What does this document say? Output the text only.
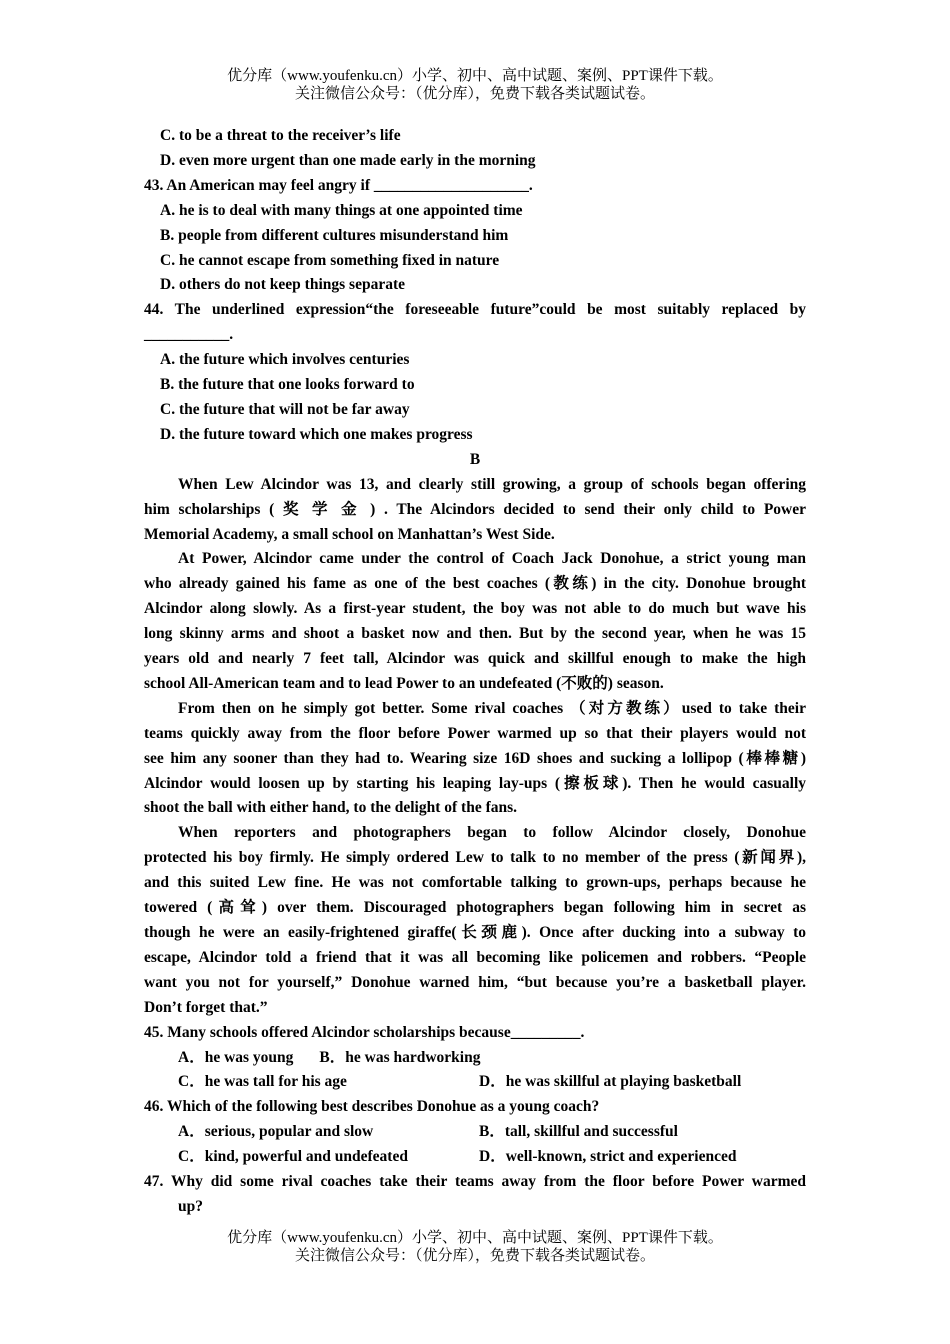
优分库（www.youfenku.cn）小学、初中、高中试题、案例、PPT课件下载。
关注微信公众号：（优分库），免费下载各类试题试卷。
C. to be a threat to the receiver’s life
D. even more urgent than one made early in the morning
43. An American may feel angry if ____________________.
A. he is to deal with many things at one appointed time
B. people from different cultures misunderstand him
C. he cannot escape from something fixed in nature
D. others do not keep things separate
44. The underlined expression“the foreseeable future”could be most suitably replaced by
___________.
A. the future which involves centuries
B. the future that one looks forward to
C. the future that will not be far away
D. the future toward which one makes progress
B
When Lew Alcindor was 13, and clearly still growing, a group of schools began offering
him scholarships ( 奖 学 金 ) . The Alcindors decided to send their only child to Power
Memorial Academy, a small school on Manhattan’s West Side.
At Power, Alcindor came under the control of Coach Jack Donohue, a strict young man
who already gained his fame as one of the best coaches (教练) in the city. Donohue brought
Alcindor along slowly. As a first-year student, the boy was not able to do much but wave his
long skinny arms and shoot a basket now and then. But by the second year, when he was 15
years old and nearly 7 feet tall, Alcindor was quick and skillful enough to make the high
school All-American team and to lead Power to an undefeated (不败的) season.
From then on he simply got better. Some rival coaches （对方教练）used to take their
teams quickly away from the floor before Power warmed up so that their players would not
see him any sooner than they had to. Wearing size 16D shoes and sucking a lollipop (棒棒糖)
Alcindor would loosen up by starting his leaping lay-ups (擦板球). Then he would casually
shoot the ball with either hand, to the delight of the fans.
When reporters and photographers began to follow Alcindor closely, Donohue
protected his boy firmly. He simply ordered Lew to talk to no member of the press (新闻界),
and this suited Lew fine. He was not comfortable talking to grown-ups, perhaps because he
towered (高耸) over them. Discouraged photographers began following him in secret as
though he were an easily-frightened giraffe(长颈鹿). Once after ducking into a subway to
escape, Alcindor told a friend that it was all becoming like policemen and robbers. “People
want you not for yourself,” Donohue warned him, “but because you’re a basketball player.
Don’t forget that.”
45. Many schools offered Alcindor scholarships because_________.
A．he was young B．he was hardworking
C．he was tall for his age	D．he was skillful at playing basketball
46. Which of the following best describes Donohue as a young coach?
A．serious, popular and slow	B．tall, skillful and successful
C．kind, powerful and undefeated	D．well-known, strict and experienced
47. Why did some rival coaches take their teams away from the floor before Power warmed
up?
优分库（www.youfenku.cn）小学、初中、高中试题、案例、PPT课件下载。
关注微信公众号：（优分库），免费下载各类试题试卷。
